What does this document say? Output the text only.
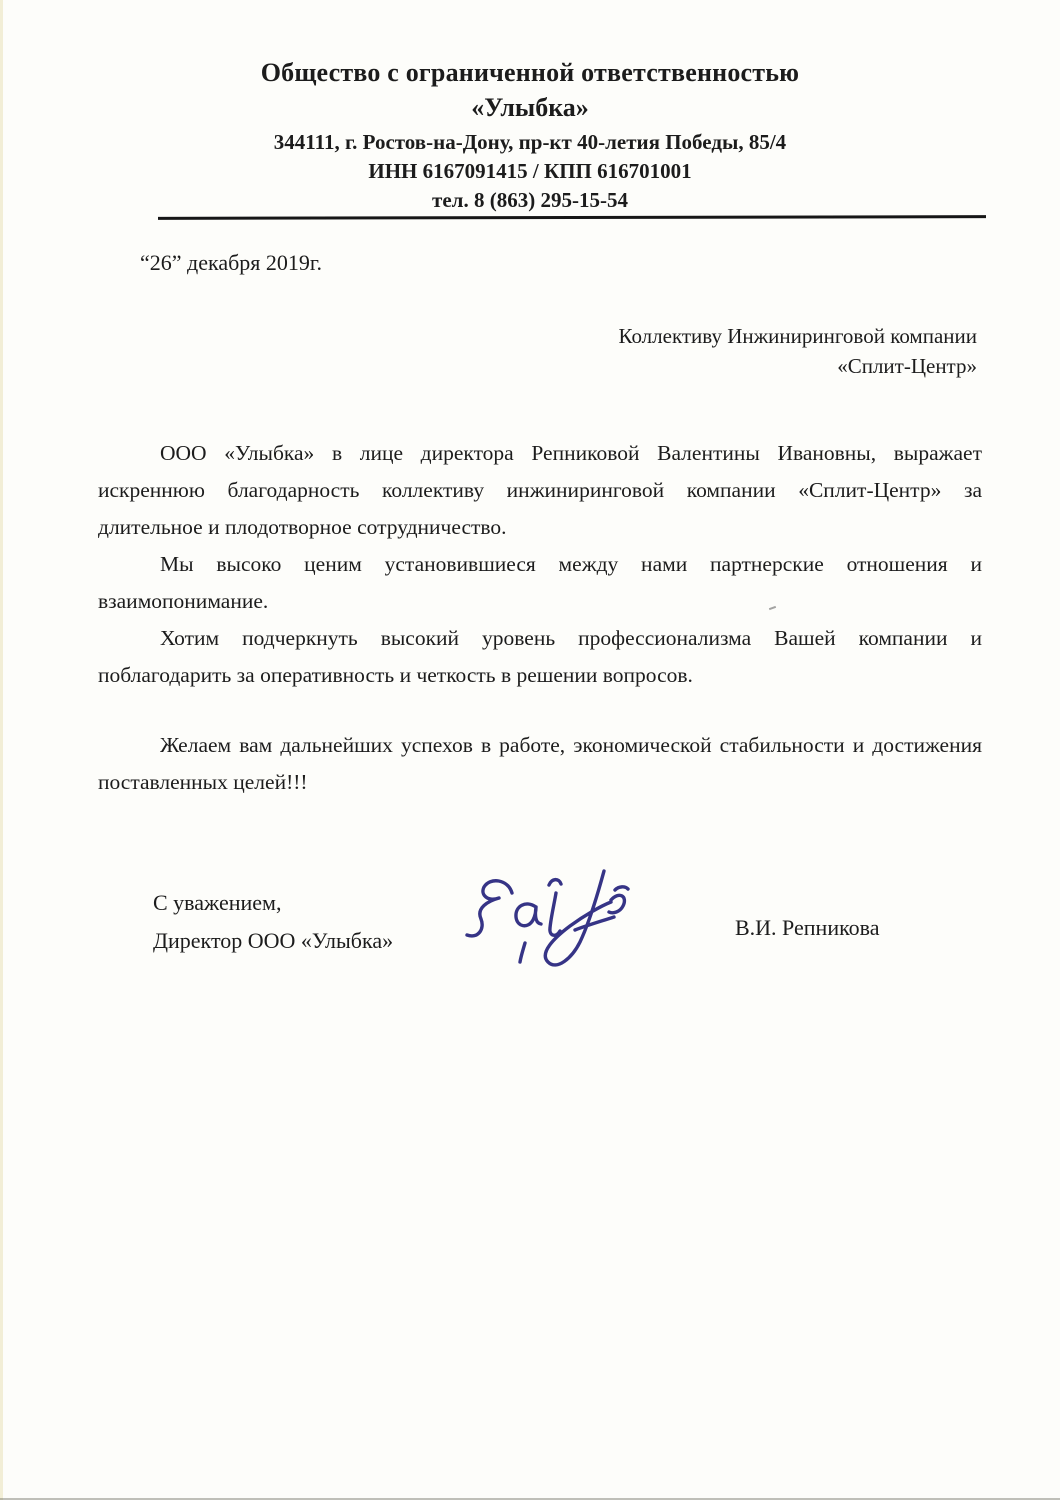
Общество с ограниченной ответственностью
«Улыбка»
344111, г. Ростов-на-Дону, пр-кт 40-летия Победы, 85/4
ИНН 6167091415 / КПП 616701001
тел. 8 (863) 295-15-54
“26” декабря 2019г.
Коллективу Инжиниринговой компании
«Сплит-Центр»

ООО «Улыбка» в лице директора Репниковой Валентины Ивановны, выражает искреннюю благодарность коллективу инжиниринговой компании «Сплит-Центр» за длительное и плодотворное сотрудничество.

Мы высоко ценим установившиеся между нами партнерские отношения и взаимопонимание.

Хотим подчеркнуть высокий уровень профессионализма Вашей компании и поблагодарить за оперативность и четкость в решении вопросов.

Желаем вам дальнейших успехов в работе, экономической стабильности и достижения поставленных целей!!!

С уважением,
Директор ООО «Улыбка»
В.И. Репникова
